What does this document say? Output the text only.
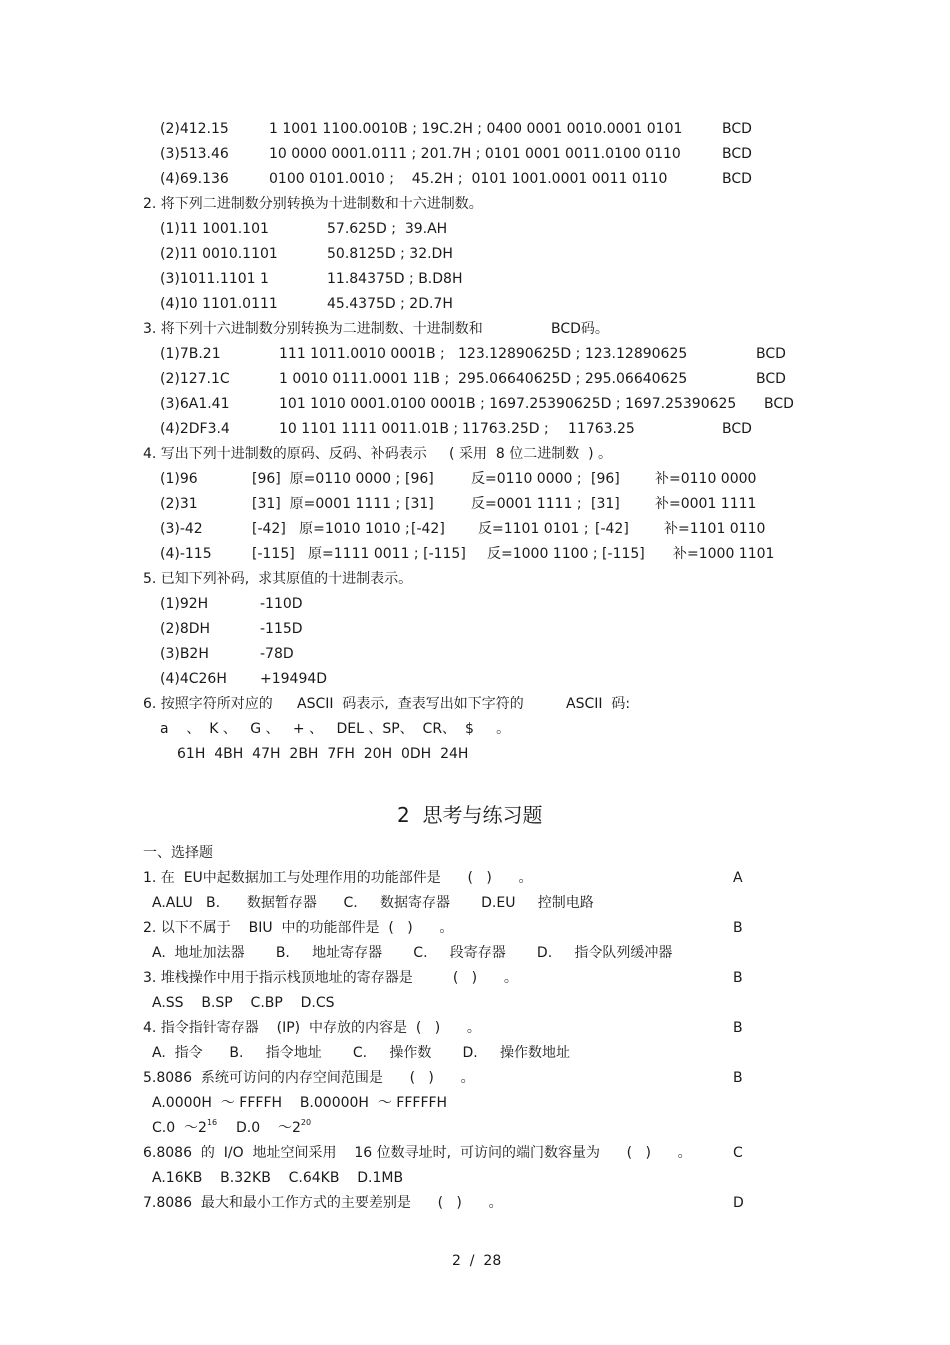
(2)412.15	1 1001 1100.0010B ; 19C.2H ; 0400 0001 0010.0001 0101	BCD
(3)513.46	10 0000 0001.0111 ; 201.7H ; 0101 0001 0011.0100 0110	BCD
(4)69.136	0100 0101.0010 ;    45.2H ;  0101 1001.0001 0011 0110	BCD
2. 将下列二进制数分别转换为十进制数和十六进制数。
(1)11 1001.101	57.625D ;  39.AH
(2)11 0010.1101	50.8125D ; 32.DH
(3)1011.1101 1	11.84375D ; B.D8H
(4)10 1101.0111	45.4375D ; 2D.7H
3. 将下列十六进制数分别转换为二进制数、十进制数和	BCD码。
(1)7B.21	111 1011.0010 0001B ; 123.12890625D ; 123.12890625	BCD
(2)127.1C	1 0010 0111.0001 11B ; 295.06640625D ; 295.06640625	BCD
(3)6A1.41	101 1010 0001.0100 0001B ; 1697.25390625D ; 1697.25390625 BCD
(4)2DF3.4	10 1101 1111 0011.01B ; 11763.25D ; 11763.25	BCD
4. 写出下列十进制数的原码、反码、补码表示     ( 采用  8 位二进制数  ) 。
(1)96	[96]  原=0110 0000 ; [96]	反=0110 0000 ; [96]	补=0110 0000
(2)31	[31]  原=0001 1111 ; [31]	反=0001 1111 ; [31]	补=0001 1111
(3)-42	[-42]   原=1010 1010 ; [-42] 反=1101 0101 ; [-42]	补=1101 0110
(4)-115	[-115]   原=1111 0011 ; [-115] 反=1000 1100 ; [-115] 补=1000 1101
5. 已知下列补码,  求其原值的十进制表示。
(1)92H	-110D
(2)8DH	-115D
(3)B2H	-78D
(4)4C26H +19494D
6. 按照字符所对应的 ASCII  码表示,  查表写出如下字符的	ASCII  码:
a    、  K 、   G 、   + 、   DEL 、SP、  CR、  $     。
61H  4BH  47H  2BH  7FH  20H  0DH  24H
2  思考与练习题
一、选择题
1. 在  EU中起数据加工与处理作用的功能部件是      (   )      。	A
A.ALU   B.      数据暂存器      C.     数据寄存器       D.EU     控制电路
2. 以下不属于    BIU  中的功能部件是  (   )      。	B
A.  地址加法器       B.     地址寄存器       C.     段寄存器       D.     指令队列缓冲器
3. 堆栈操作中用于指示栈顶地址的寄存器是         (   )      。	B
A.SS    B.SP    C.BP    D.CS
4. 指令指针寄存器    (IP)  中存放的内容是  (   )      。	B
A.  指令      B.     指令地址       C.     操作数       D.     操作数地址
5.8086  系统可访问的内存空间范围是      (   )      。	B
A.0000H  ～ FFFFH    B.00000H  ～ FFFFFH
C.0  $\sim 2^{16}$ D.0    $\sim 2^{20}$
6.8086  的  I/O  地址空间采用    16 位数寻址时,  可访问的端门数容量为      (   )      。	C
A.16KB    B.32KB    C.64KB    D.1MB
7.8086  最大和最小工作方式的主要差别是      (   )      。	D
2  /  28
